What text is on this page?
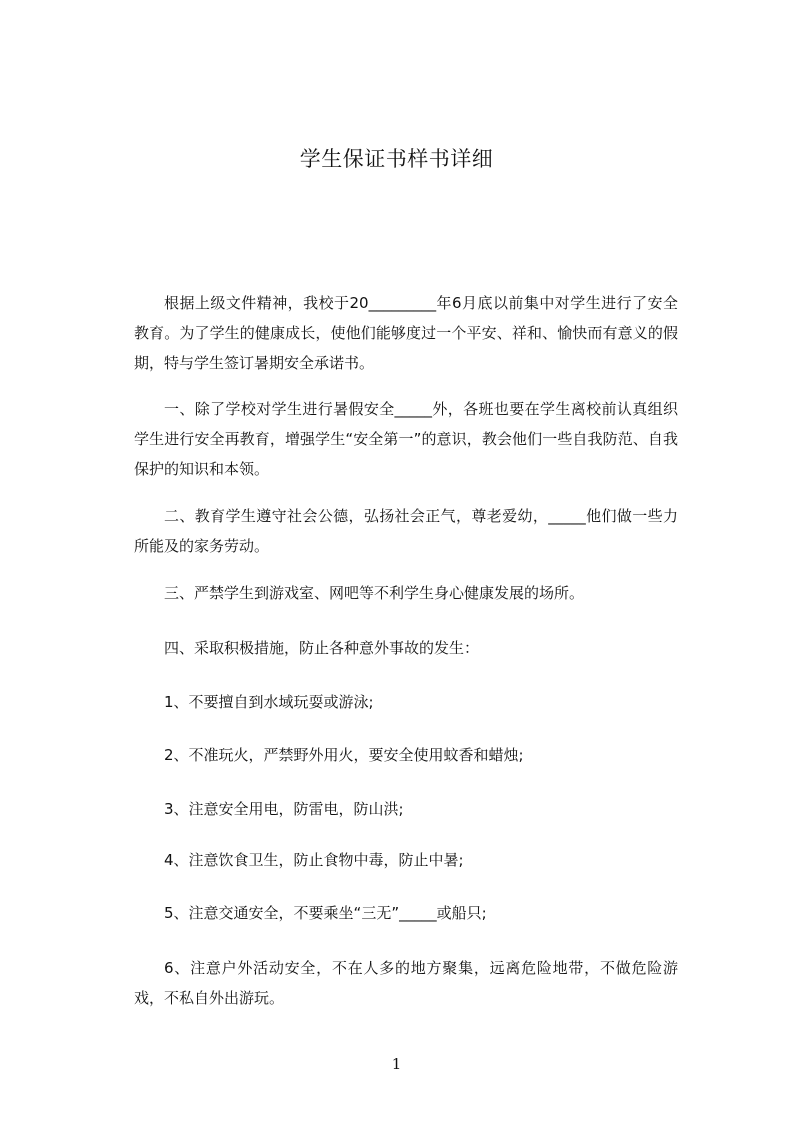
学生保证书样书详细

根据上级文件精神，我校于20_________年6月底以前集中对学生进行了安全教育。为了学生的健康成长，使他们能够度过一个平安、祥和、愉快而有意义的假期，特与学生签订暑期安全承诺书。

一、除了学校对学生进行暑假安全_____外，各班也要在学生离校前认真组织学生进行安全再教育，增强学生“安全第一”的意识，教会他们一些自我防范、自我保护的知识和本领。

二、教育学生遵守社会公德，弘扬社会正气，尊老爱幼，_____他们做一些力所能及的家务劳动。

三、严禁学生到游戏室、网吧等不利学生身心健康发展的场所。

四、采取积极措施，防止各种意外事故的发生：

1、不要擅自到水域玩耍或游泳;

2、不准玩火，严禁野外用火，要安全使用蚊香和蜡烛;

3、注意安全用电，防雷电，防山洪;

4、注意饮食卫生，防止食物中毒，防止中暑;

5、注意交通安全，不要乘坐“三无”_____或船只;

6、注意户外活动安全，不在人多的地方聚集，远离危险地带，不做危险游戏，不私自外出游玩。

1
